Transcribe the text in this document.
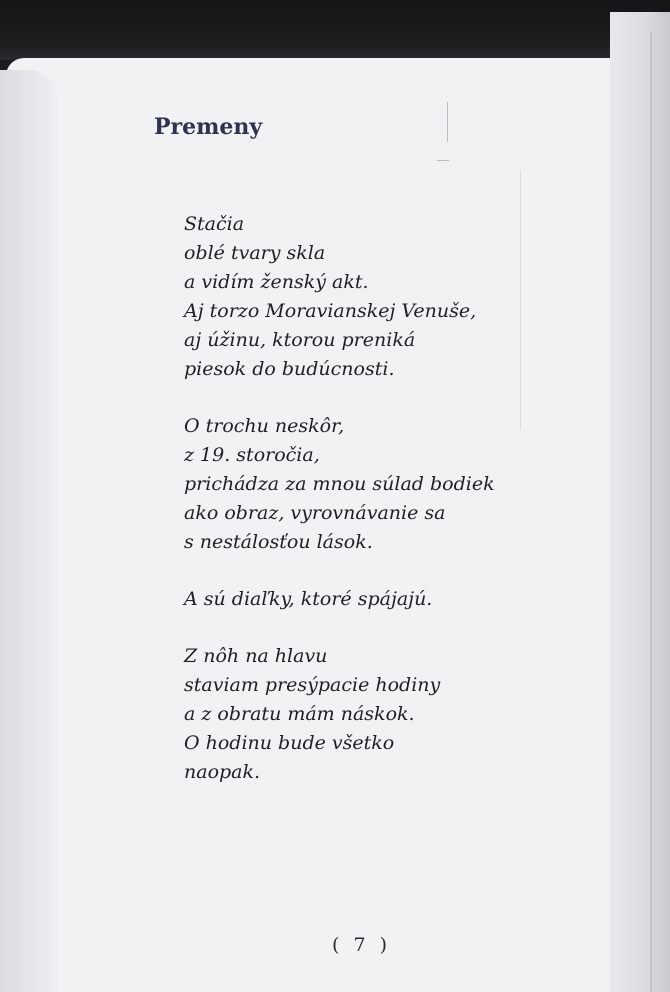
Premeny
Stačia
oblé tvary skla
a vidím ženský akt.
Aj torzo Moravianskej Venuše,
aj úžinu, ktorou preniká
piesok do budúcnosti.
O trochu neskôr,
z 19. storočia,
prichádza za mnou súlad bodiek
ako obraz, vyrovnávanie sa
s nestálosťou lások.
A sú diaľky, ktoré spájajú.
Z nôh na hlavu
staviam presýpacie hodiny
a z obratu mám náskok.
O hodinu bude všetko
naopak.
( 7 )
